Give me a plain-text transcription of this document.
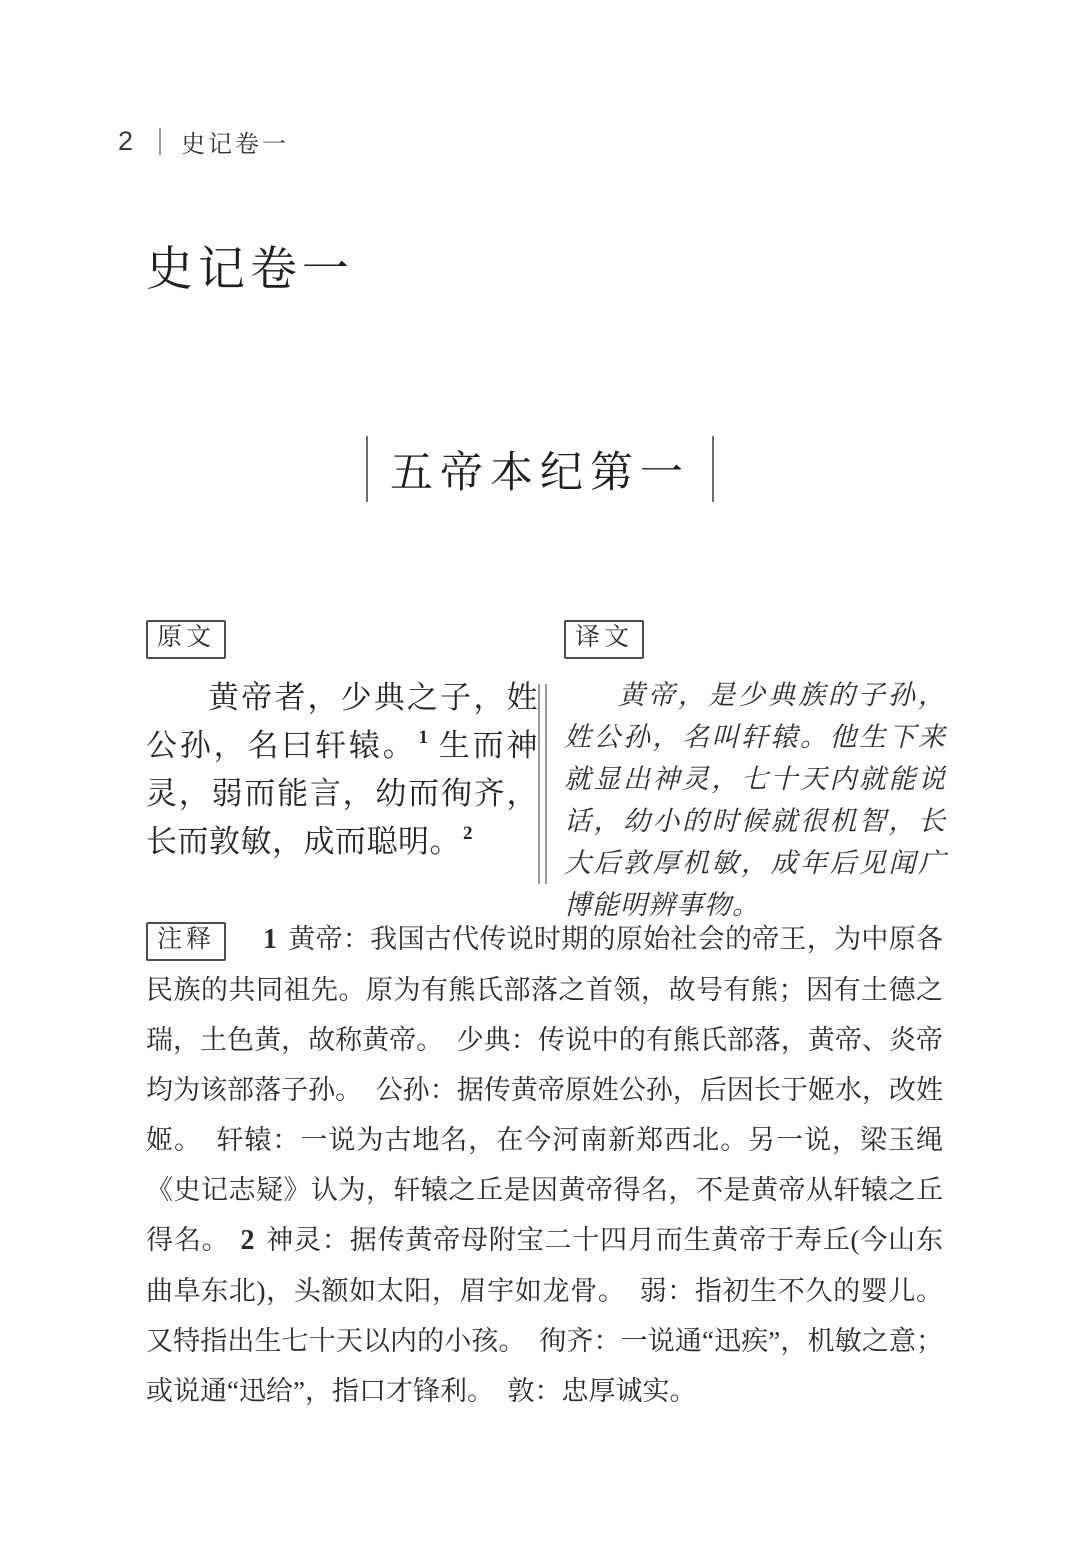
2 史记卷一
史记卷一
五帝本纪第一
原文

黄帝者，少典之子，姓公孙，名曰轩辕。 $^1$ 生而神灵，弱而能言，幼而徇齐，长而敦敏，成而聪明。 $^2$

译文

黄帝，是少典族的子孙，姓公孙，名叫轩辕。他生下来就显出神灵，七十天内就能说话，幼小的时候就很机智，长大后敦厚机敏，成年后见闻广博能明辨事物。

注释 1 黄帝：我国古代传说时期的原始社会的帝王，为中原各民族的共同祖先。原为有熊氏部落之首领，故号有熊；因有土德之瑞，土色黄，故称黄帝。　少典：传说中的有熊氏部落，黄帝、炎帝均为该部落子孙。　公孙：据传黄帝原姓公孙，后因长于姬水，改姓姬。　轩辕：一说为古地名，在今河南新郑西北。另一说，梁玉绳《史记志疑》认为，轩辕之丘是因黄帝得名，不是黄帝从轩辕之丘得名。 2 神灵：据传黄帝母附宝二十四月而生黄帝于寿丘(今山东曲阜东北)，头额如太阳，眉宇如龙骨。　弱：指初生不久的婴儿。又特指出生七十天以内的小孩。　徇齐：一说通“迅疾”，机敏之意；或说通“迅给”，指口才锋利。　敦：忠厚诚实。
